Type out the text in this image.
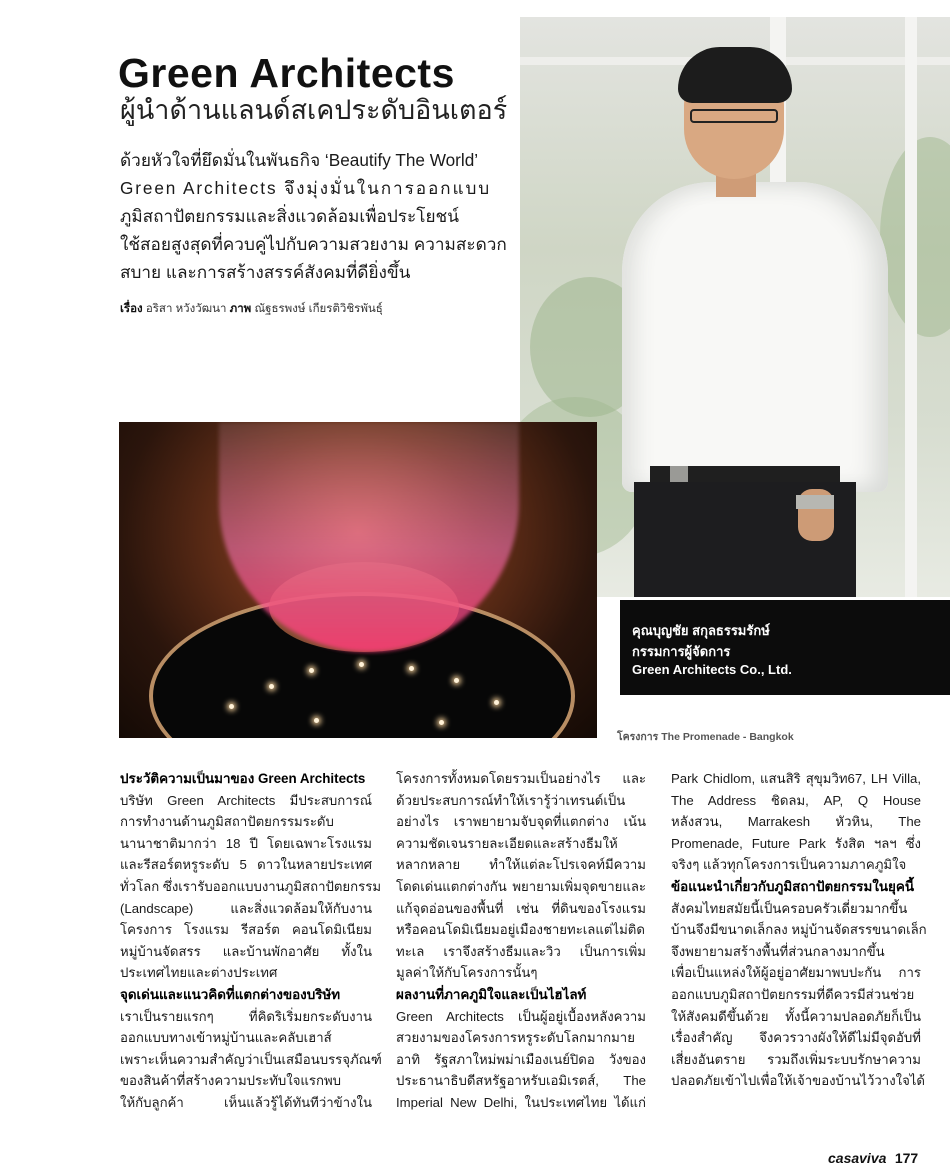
Green Architects
ผู้นำด้านแลนด์สเคประดับอินเตอร์

ด้วยหัวใจที่ยึดมั่นในพันธกิจ ‘Beautify The World’

Green Architects จึงมุ่งมั่นในการออกแบบ

ภูมิสถาปัตยกรรมและสิ่งแวดล้อมเพื่อประโยชน์

ใช้สอยสูงสุดที่ควบคู่ไปกับความสวยงาม ความสะดวก

สบาย และการสร้างสรรค์สังคมที่ดียิ่งขึ้น

เรื่อง อริสา หวังวัฒนา ภาพ ณัฐธรพงษ์ เกียรติวิชิรพันธุ์
คุณบุญชัย สกุลธรรมรักษ์
กรรมการผู้จัดการ
Green Architects Co., Ltd.
โครงการ The Promenade - Bangkok
ประวัติความเป็นมาของ Green Architects

บริษัท Green Architects มีประสบการณ์

การทำงานด้านภูมิสถาปัตยกรรมระดับ

นานาชาติมากว่า 18 ปี โดยเฉพาะโรงแรม

และรีสอร์ตหรูระดับ 5 ดาวในหลายประเทศ

ทั่วโลก ซึ่งเรารับออกแบบงานภูมิสถาปัตยกรรม

(Landscape) และสิ่งแวดล้อมให้กับงาน

โครงการ โรงแรม รีสอร์ต คอนโดมิเนียม

หมู่บ้านจัดสรร และบ้านพักอาศัย ทั้งใน

ประเทศไทยและต่างประเทศ

จุดเด่นและแนวคิดที่แตกต่างของบริษัท

เราเป็นรายแรกๆ ที่คิดริเริ่มยกระดับงาน

ออกแบบทางเข้าหมู่บ้านและคลับเฮาส์

เพราะเห็นความสำคัญว่าเป็นเสมือนบรรจุภัณฑ์

ของสินค้าที่สร้างความประทับใจแรกพบ

ให้กับลูกค้า เห็นแล้วรู้ได้ทันทีว่าข้างใน

โครงการทั้งหมดโดยรวมเป็นอย่างไร และ

ด้วยประสบการณ์ทำให้เรารู้ว่าเทรนด์เป็น

อย่างไร เราพยายามจับจุดที่แตกต่าง เน้น

ความชัดเจนรายละเอียดและสร้างธีมให้

หลากหลาย ทำให้แต่ละโปรเจคท์มีความ

โดดเด่นแตกต่างกัน พยายามเพิ่มจุดขายและ

แก้จุดอ่อนของพื้นที่ เช่น ที่ดินของโรงแรม

หรือคอนโดมิเนียมอยู่เมืองชายทะเลแต่ไม่ติด

ทะเล เราจึงสร้างธีมและวิว เป็นการเพิ่ม

มูลค่าให้กับโครงการนั้นๆ

ผลงานที่ภาคภูมิใจและเป็นไฮไลท์

Green Architects เป็นผู้อยู่เบื้องหลังความ

สวยงามของโครงการหรูระดับโลกมากมาย

อาทิ รัฐสภาใหม่พม่าเมืองเนย์ปิดอ วังของ

ประธานาธิบดีสหรัฐอาหรับเอมิเรตส์, The

Imperial New Delhi, ในประเทศไทย ได้แก่

Park Chidlom, แสนสิริ สุขุมวิท67, LH Villa,

The Address ชิดลม, AP, Q House

หลังสวน, Marrakesh หัวหิน, The

Promenade, Future Park รังสิต ฯลฯ ซึ่ง

จริงๆ แล้วทุกโครงการเป็นความภาคภูมิใจ

ข้อแนะนำเกี่ยวกับภูมิสถาปัตยกรรมในยุคนี้

สังคมไทยสมัยนี้เป็นครอบครัวเดี่ยวมากขึ้น

บ้านจึงมีขนาดเล็กลง หมู่บ้านจัดสรรขนาดเล็ก

จึงพยายามสร้างพื้นที่ส่วนกลางมากขึ้น

เพื่อเป็นแหล่งให้ผู้อยู่อาศัยมาพบปะกัน การ

ออกแบบภูมิสถาปัตยกรรมที่ดีควรมีส่วนช่วย

ให้สังคมดีขึ้นด้วย ทั้งนี้ความปลอดภัยก็เป็น

เรื่องสำคัญ จึงควรวางผังให้ดีไม่มีจุดอับที่

เสี่ยงอันตราย รวมถึงเพิ่มระบบรักษาความ

ปลอดภัยเข้าไปเพื่อให้เจ้าของบ้านไว้วางใจได้

casaviva 177
